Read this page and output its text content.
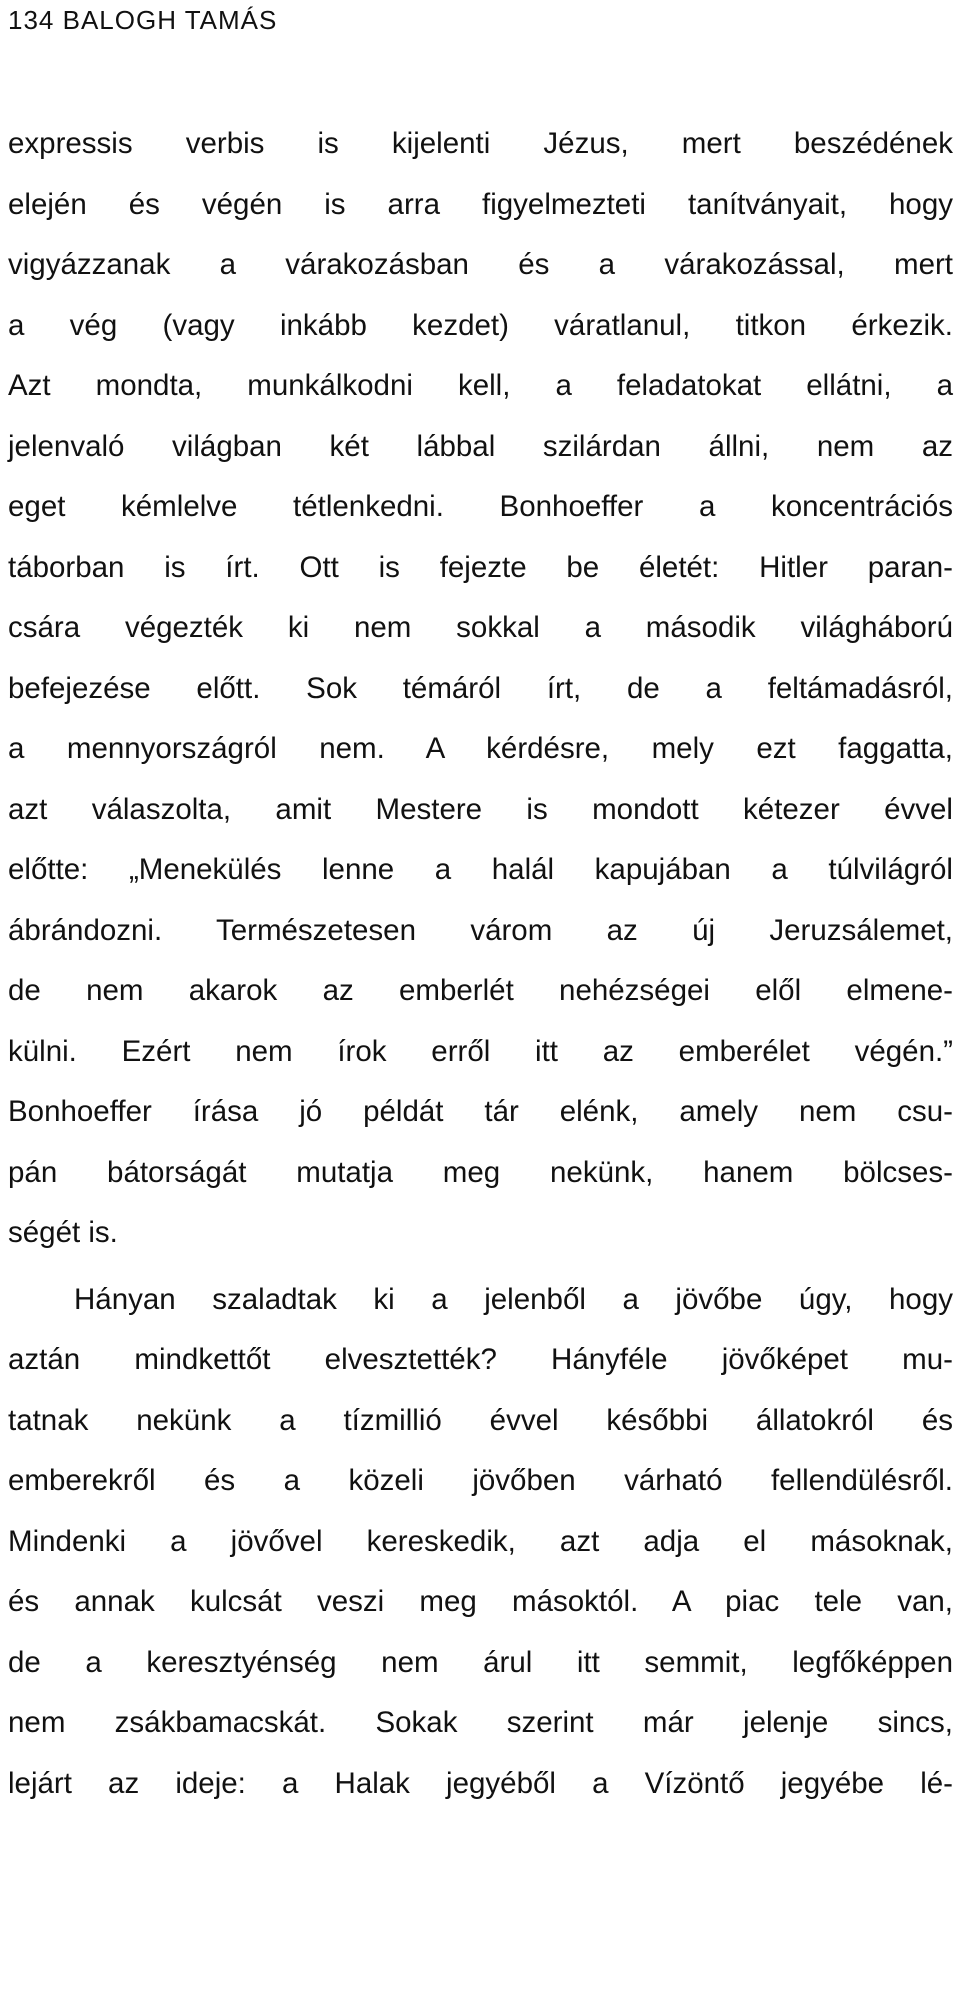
134 BALOGH TAMÁS
expressis verbis is kijelenti Jézus, mert beszédének
elején és végén is arra figyelmezteti tanítványait, hogy
vigyázzanak a várakozásban és a várakozással, mert
a vég (vagy inkább kezdet) váratlanul, titkon érkezik.
Azt mondta, munkálkodni kell, a feladatokat ellátni, a
jelenvaló világban két lábbal szilárdan állni, nem az
eget kémlelve tétlenkedni. Bonhoeffer a koncentrációs
táborban is írt. Ott is fejezte be életét: Hitler paran-
csára végezték ki nem sokkal a második világháború
befejezése előtt. Sok témáról írt, de a feltámadásról,
a mennyországról nem. A kérdésre, mely ezt faggatta,
azt válaszolta, amit Mestere is mondott kétezer évvel
előtte: „Menekülés lenne a halál kapujában a túlvilágról
ábrándozni. Természetesen várom az új Jeruzsálemet,
de nem akarok az emberlét nehézségei elől elmene-
külni. Ezért nem írok erről itt az emberélet végén.”
Bonhoeffer írása jó példát tár elénk, amely nem csu-
pán bátorságát mutatja meg nekünk, hanem bölcses-
ségét is.
Hányan szaladtak ki a jelenből a jövőbe úgy, hogy
aztán mindkettőt elvesztették? Hányféle jövőképet mu-
tatnak nekünk a tízmillió évvel későbbi állatokról és
emberekről és a közeli jövőben várható fellendülésről.
Mindenki a jövővel kereskedik, azt adja el másoknak,
és annak kulcsát veszi meg másoktól. A piac tele van,
de a keresztyénség nem árul itt semmit, legfőképpen
nem zsákbamacskát. Sokak szerint már jelenje sincs,
lejárt az ideje: a Halak jegyéből a Vízöntő jegyébe lé-
